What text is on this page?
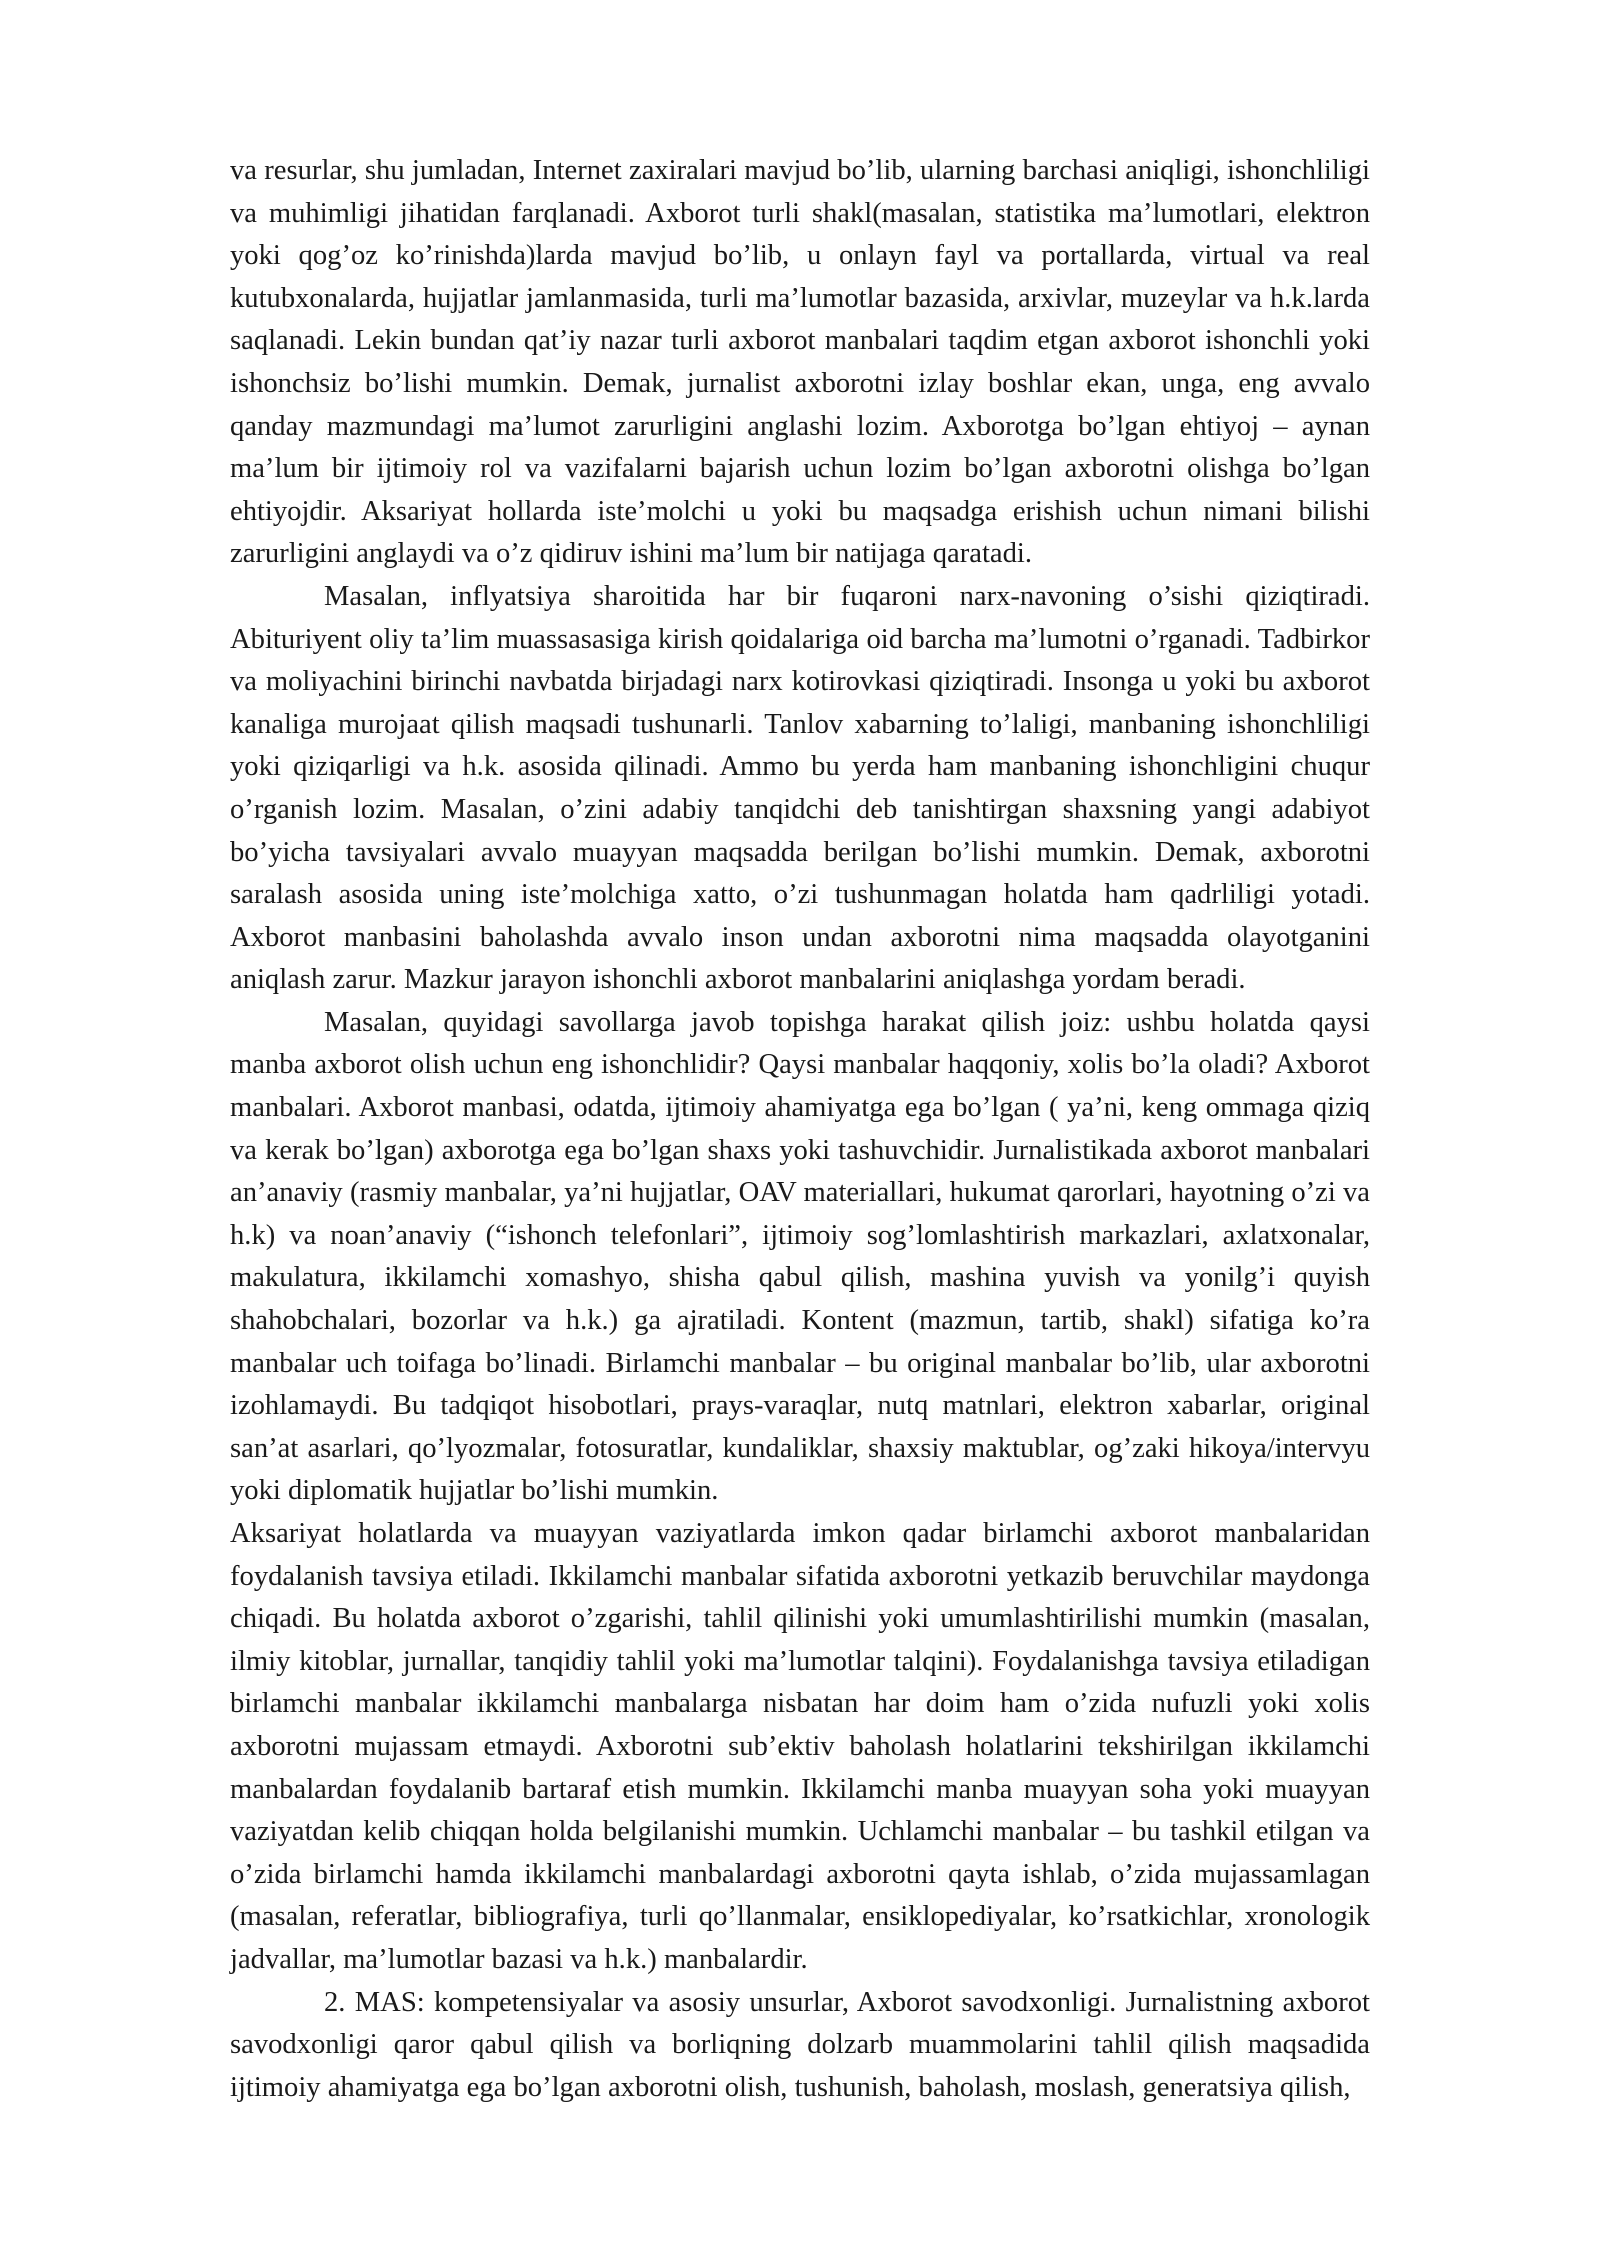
va resurlar, shu jumladan, Internet zaxiralari mavjud bo’lib, ularning barchasi aniqligi, ishonchliligi va muhimligi jihatidan farqlanadi. Axborot turli shakl(masalan, statistika ma’lumotlari, elektron yoki qog’oz ko’rinishda)larda mavjud bo’lib, u onlayn fayl va portallarda, virtual va real kutubxonalarda, hujjatlar jamlanmasida, turli ma’lumotlar bazasida, arxivlar, muzeylar va h.k.larda saqlanadi. Lekin bundan qat’iy nazar turli axborot manbalari taqdim etgan axborot ishonchli yoki ishonchsiz bo’lishi mumkin. Demak, jurnalist axborotni izlay boshlar ekan, unga, eng avvalo qanday mazmundagi ma’lumot zarurligini anglashi lozim. Axborotga bo’lgan ehtiyoj – aynan ma’lum bir ijtimoiy rol va vazifalarni bajarish uchun lozim bo’lgan axborotni olishga bo’lgan ehtiyojdir. Aksariyat hollarda iste’molchi u yoki bu maqsadga erishish uchun nimani bilishi zarurligini anglaydi va o’z qidiruv ishini ma’lum bir natijaga qaratadi.

Masalan, inflyatsiya sharoitida har bir fuqaroni narx-navoning o’sishi qiziqtiradi. Abituriyent oliy ta’lim muassasasiga kirish qoidalariga oid barcha ma’lumotni o’rganadi. Tadbirkor va moliyachini birinchi navbatda birjadagi narx kotirovkasi qiziqtiradi. Insonga u yoki bu axborot kanaliga murojaat qilish maqsadi tushunarli. Tanlov xabarning to’laligi, manbaning ishonchliligi yoki qiziqarligi va h.k. asosida qilinadi. Ammo bu yerda ham manbaning ishonchligini chuqur o’rganish lozim. Masalan, o’zini adabiy tanqidchi deb tanishtirgan shaxsning yangi adabiyot bo’yicha tavsiyalari avvalo muayyan maqsadda berilgan bo’lishi mumkin. Demak, axborotni saralash asosida uning iste’molchiga xatto, o’zi tushunmagan holatda ham qadrliligi yotadi. Axborot manbasini baholashda avvalo inson undan axborotni nima maqsadda olayotganini aniqlash zarur. Mazkur jarayon ishonchli axborot manbalarini aniqlashga yordam beradi.

Masalan, quyidagi savollarga javob topishga harakat qilish joiz: ushbu holatda qaysi manba axborot olish uchun eng ishonchlidir? Qaysi manbalar haqqoniy, xolis bo’la oladi? Axborot manbalari. Axborot manbasi, odatda, ijtimoiy ahamiyatga ega bo’lgan ( ya’ni, keng ommaga qiziq va kerak bo’lgan) axborotga ega bo’lgan shaxs yoki tashuvchidir. Jurnalistikada axborot manbalari an’anaviy (rasmiy manbalar, ya’ni hujjatlar, OAV materiallari, hukumat qarorlari, hayotning o’zi va h.k) va noan’anaviy (“ishonch telefonlari”, ijtimoiy sog’lomlashtirish markazlari, axlatxonalar, makulatura, ikkilamchi xomashyo, shisha qabul qilish, mashina yuvish va yonilg’i quyish shahobchalari, bozorlar va h.k.) ga ajratiladi. Kontent (mazmun, tartib, shakl) sifatiga ko’ra manbalar uch toifaga bo’linadi. Birlamchi manbalar – bu original manbalar bo’lib, ular axborotni izohlamaydi. Bu tadqiqot hisobotlari, prays-varaqlar, nutq matnlari, elektron xabarlar, original san’at asarlari, qo’lyozmalar, fotosuratlar, kundaliklar, shaxsiy maktublar, og’zaki hikoya/intervyu yoki diplomatik hujjatlar bo’lishi mumkin.

Aksariyat holatlarda va muayyan vaziyatlarda imkon qadar birlamchi axborot manbalaridan foydalanish tavsiya etiladi. Ikkilamchi manbalar sifatida axborotni yetkazib beruvchilar maydonga chiqadi. Bu holatda axborot o’zgarishi, tahlil qilinishi yoki umumlashtirilishi mumkin (masalan, ilmiy kitoblar, jurnallar, tanqidiy tahlil yoki ma’lumotlar talqini). Foydalanishga tavsiya etiladigan birlamchi manbalar ikkilamchi manbalarga nisbatan har doim ham o’zida nufuzli yoki xolis axborotni mujassam etmaydi. Axborotni sub’ektiv baholash holatlarini tekshirilgan ikkilamchi manbalardan foydalanib bartaraf etish mumkin. Ikkilamchi manba muayyan soha yoki muayyan vaziyatdan kelib chiqqan holda belgilanishi mumkin. Uchlamchi manbalar – bu tashkil etilgan va o’zida birlamchi hamda ikkilamchi manbalardagi axborotni qayta ishlab, o’zida mujassamlagan (masalan, referatlar, bibliografiya, turli qo’llanmalar, ensiklopediyalar, ko’rsatkichlar, xronologik jadvallar, ma’lumotlar bazasi va h.k.) manbalardir.

2. MAS: kompetensiyalar va asosiy unsurlar, Axborot savodxonligi. Jurnalistning axborot savodxonligi qaror qabul qilish va borliqning dolzarb muammolarini tahlil qilish maqsadida ijtimoiy ahamiyatga ega bo’lgan axborotni olish, tushunish, baholash, moslash, generatsiya qilish,
